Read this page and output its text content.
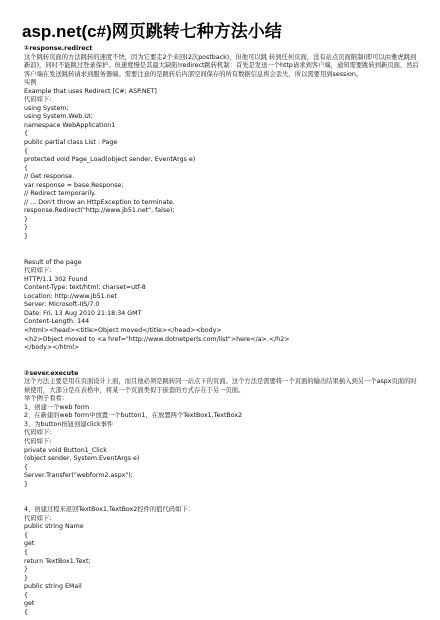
asp.net(c#)网页跳转七种方法小结
①response.redirect
这个跳转页面的方法跳转的速度不快，因为它要走2个来回(2次postback)，但他可以跳 转到任何页面，没有站点页面限制(即可以由雅虎跳到新浪)，同时不能跳过登录保护。但速度慢是其最大缺陷!redirect跳转机制：首先是发送一个http请求到客户端，通知需要跳转到新页面，然后客户端在发送跳转请求到服务器端。需要注意的是跳转后内部空间保存的所有数据信息将会丢失，所以需要用到session。
实例
Example that uses Redirect [C#; ASP.NET]
代码如下:
using System;
using System.Web.UI;
namespace WebApplication1
{
public partial class List : Page
{
protected void Page_Load(object sender, EventArgs e)
{
// Get response.
var response = base.Response;
// Redirect temporarily.
// ... Don't throw an HttpException to terminate.
response.Redirect("http://www.jb51.net", false);
}
}
}
Result of the page
代码如下:
HTTP/1.1 302 Found
Content-Type: text/html; charset=utf-8
Location: http://www.jb51.net
Server: Microsoft-IIS/7.0
Date: Fri, 13 Aug 2010 21:18:34 GMT
Content-Length: 144
<html><head><title>Object moved</title></head><body>
<h2>Object moved to <a href="http://www.dotnetperls.com/list">here</a>.</h2>
</body></html>
②sever.execute
这个方法主要是用在页面设计上面，而且他必须是跳转同一站点下的页面。这个方法是需要将一个页面的输出结果插入到另一个aspx页面的时候使用，大部分是在表格中，将某一个页面类似于嵌套的方式存在于另一页面。
举个例子看看：
1、创建一个web form
2、在新建的web form中放置一个button1，在放置两个TextBox1,TextBox2
3、为button按钮创建click事件
代码如下:
代码如下:
private void Button1_Click
(object sender, System.EventArgs e)
{
Server.Transfer("webform2.aspx");
}
4、创建过程来返回TextBox1,TextBox2控件的值代码如下：
代码如下:
public string Name
{
get
{
return TextBox1.Text;
}
}
public string EMail
{
get
{
